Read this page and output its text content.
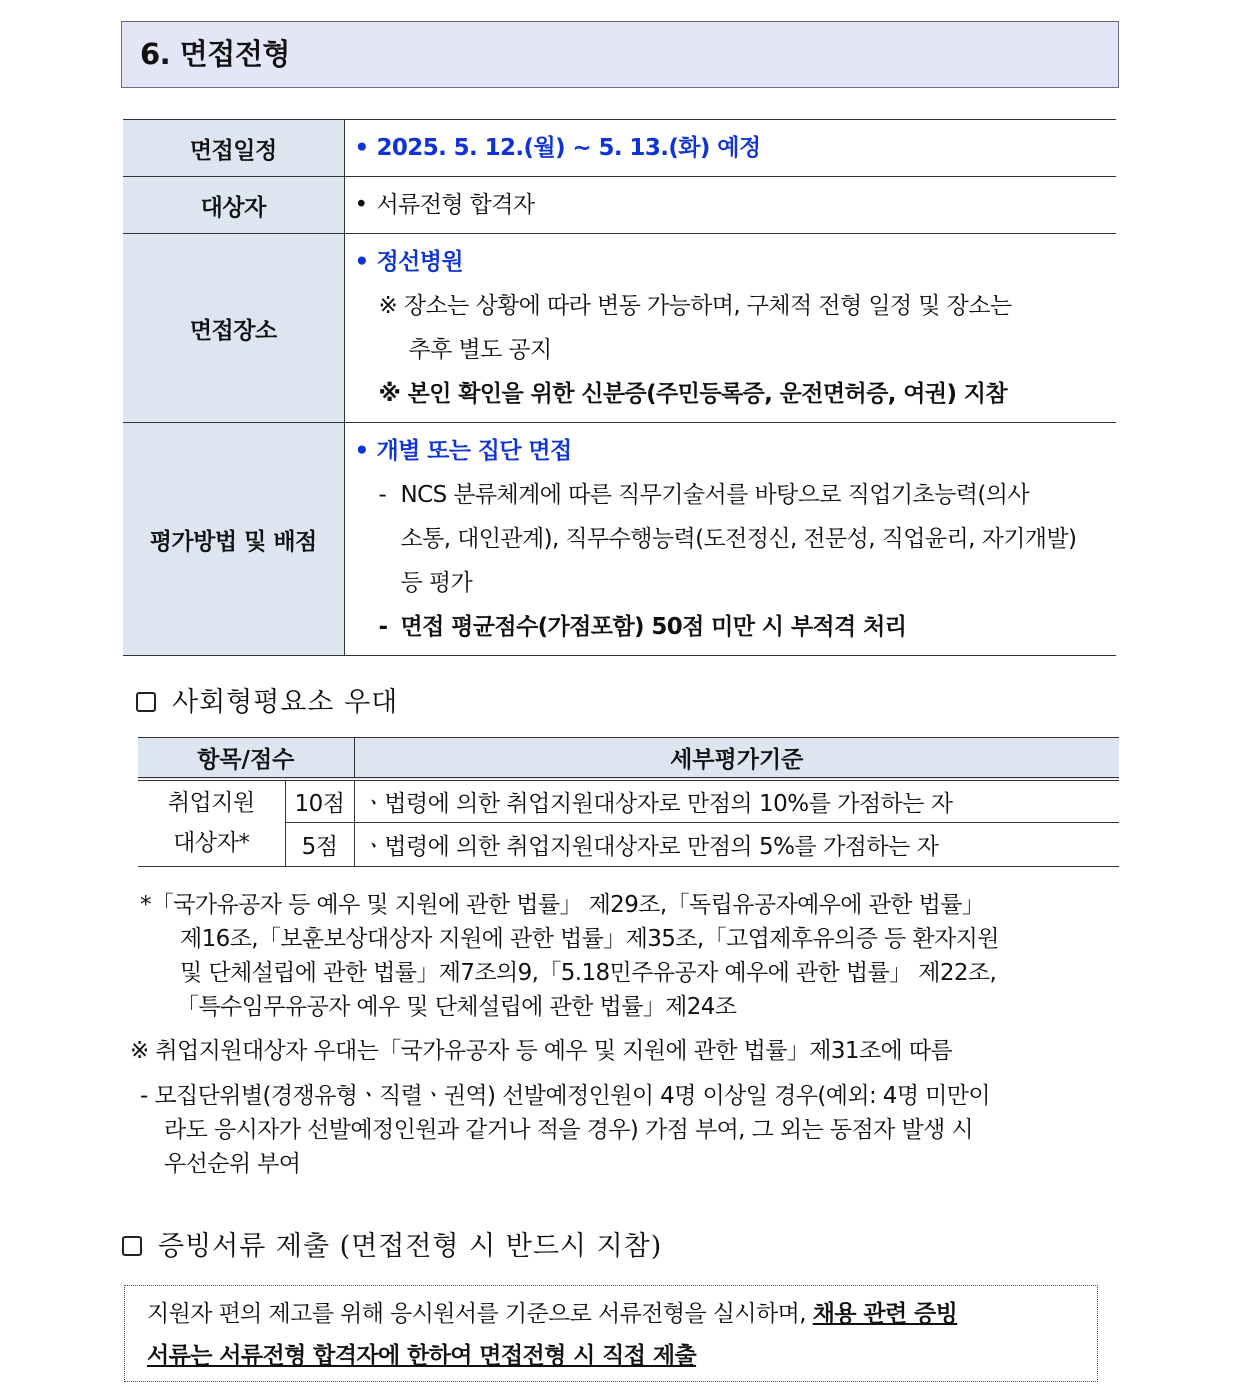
6. 면접전형
면접일정	• 2025. 5. 12.(월) ~ 5. 13.(화) 예정

대상자	• 서류전형 합격자

면접장소	• 정선병원
※ 장소는 상황에 따라 변동 가능하며, 구체적 전형 일정 및 장소는
추후 별도 공지
※ 본인 확인을 위한 신분증(주민등록증, 운전면허증, 여권) 지참

평가방법 및 배점	• 개별 또는 집단 면접
- NCS 분류체계에 따른 직무기술서를 바탕으로 직업기초능력(의사
소통, 대인관계), 직무수행능력(도전정신, 전문성, 직업윤리, 자기개발)
등 평가
- 면접 평균점수(가점포함) 50점 미만 시 부적격 처리
사회형평요소 우대
항목/점수		세부평가기준

취업지원
대상자*	10점	ㆍ법령에 의한 취업지원대상자로 만점의 10%를 가점하는 자
	5점	ㆍ법령에 의한 취업지원대상자로 만점의 5%를 가점하는 자
*「국가유공자 등 예우 및 지원에 관한 법률」 제29조,「독립유공자예우에 관한 법률」
제16조,「보훈보상대상자 지원에 관한 법률」제35조,「고엽제후유의증 등 환자지원
및 단체설립에 관한 법률」제7조의9,「5.18민주유공자 예우에 관한 법률」 제22조,
「특수임무유공자 예우 및 단체설립에 관한 법률」제24조
※ 취업지원대상자 우대는「국가유공자 등 예우 및 지원에 관한 법률」제31조에 따름
- 모집단위별(경쟁유형ㆍ직렬ㆍ권역) 선발예정인원이 4명 이상일 경우(예외: 4명 미만이
라도 응시자가 선발예정인원과 같거나 적을 경우) 가점 부여, 그 외는 동점자 발생 시
우선순위 부여
증빙서류 제출 (면접전형 시 반드시 지참)
지원자 편의 제고를 위해 응시원서를 기준으로 서류전형을 실시하며, 채용 관련 증빙
서류는 서류전형 합격자에 한하여 면접전형 시 직접 제출
